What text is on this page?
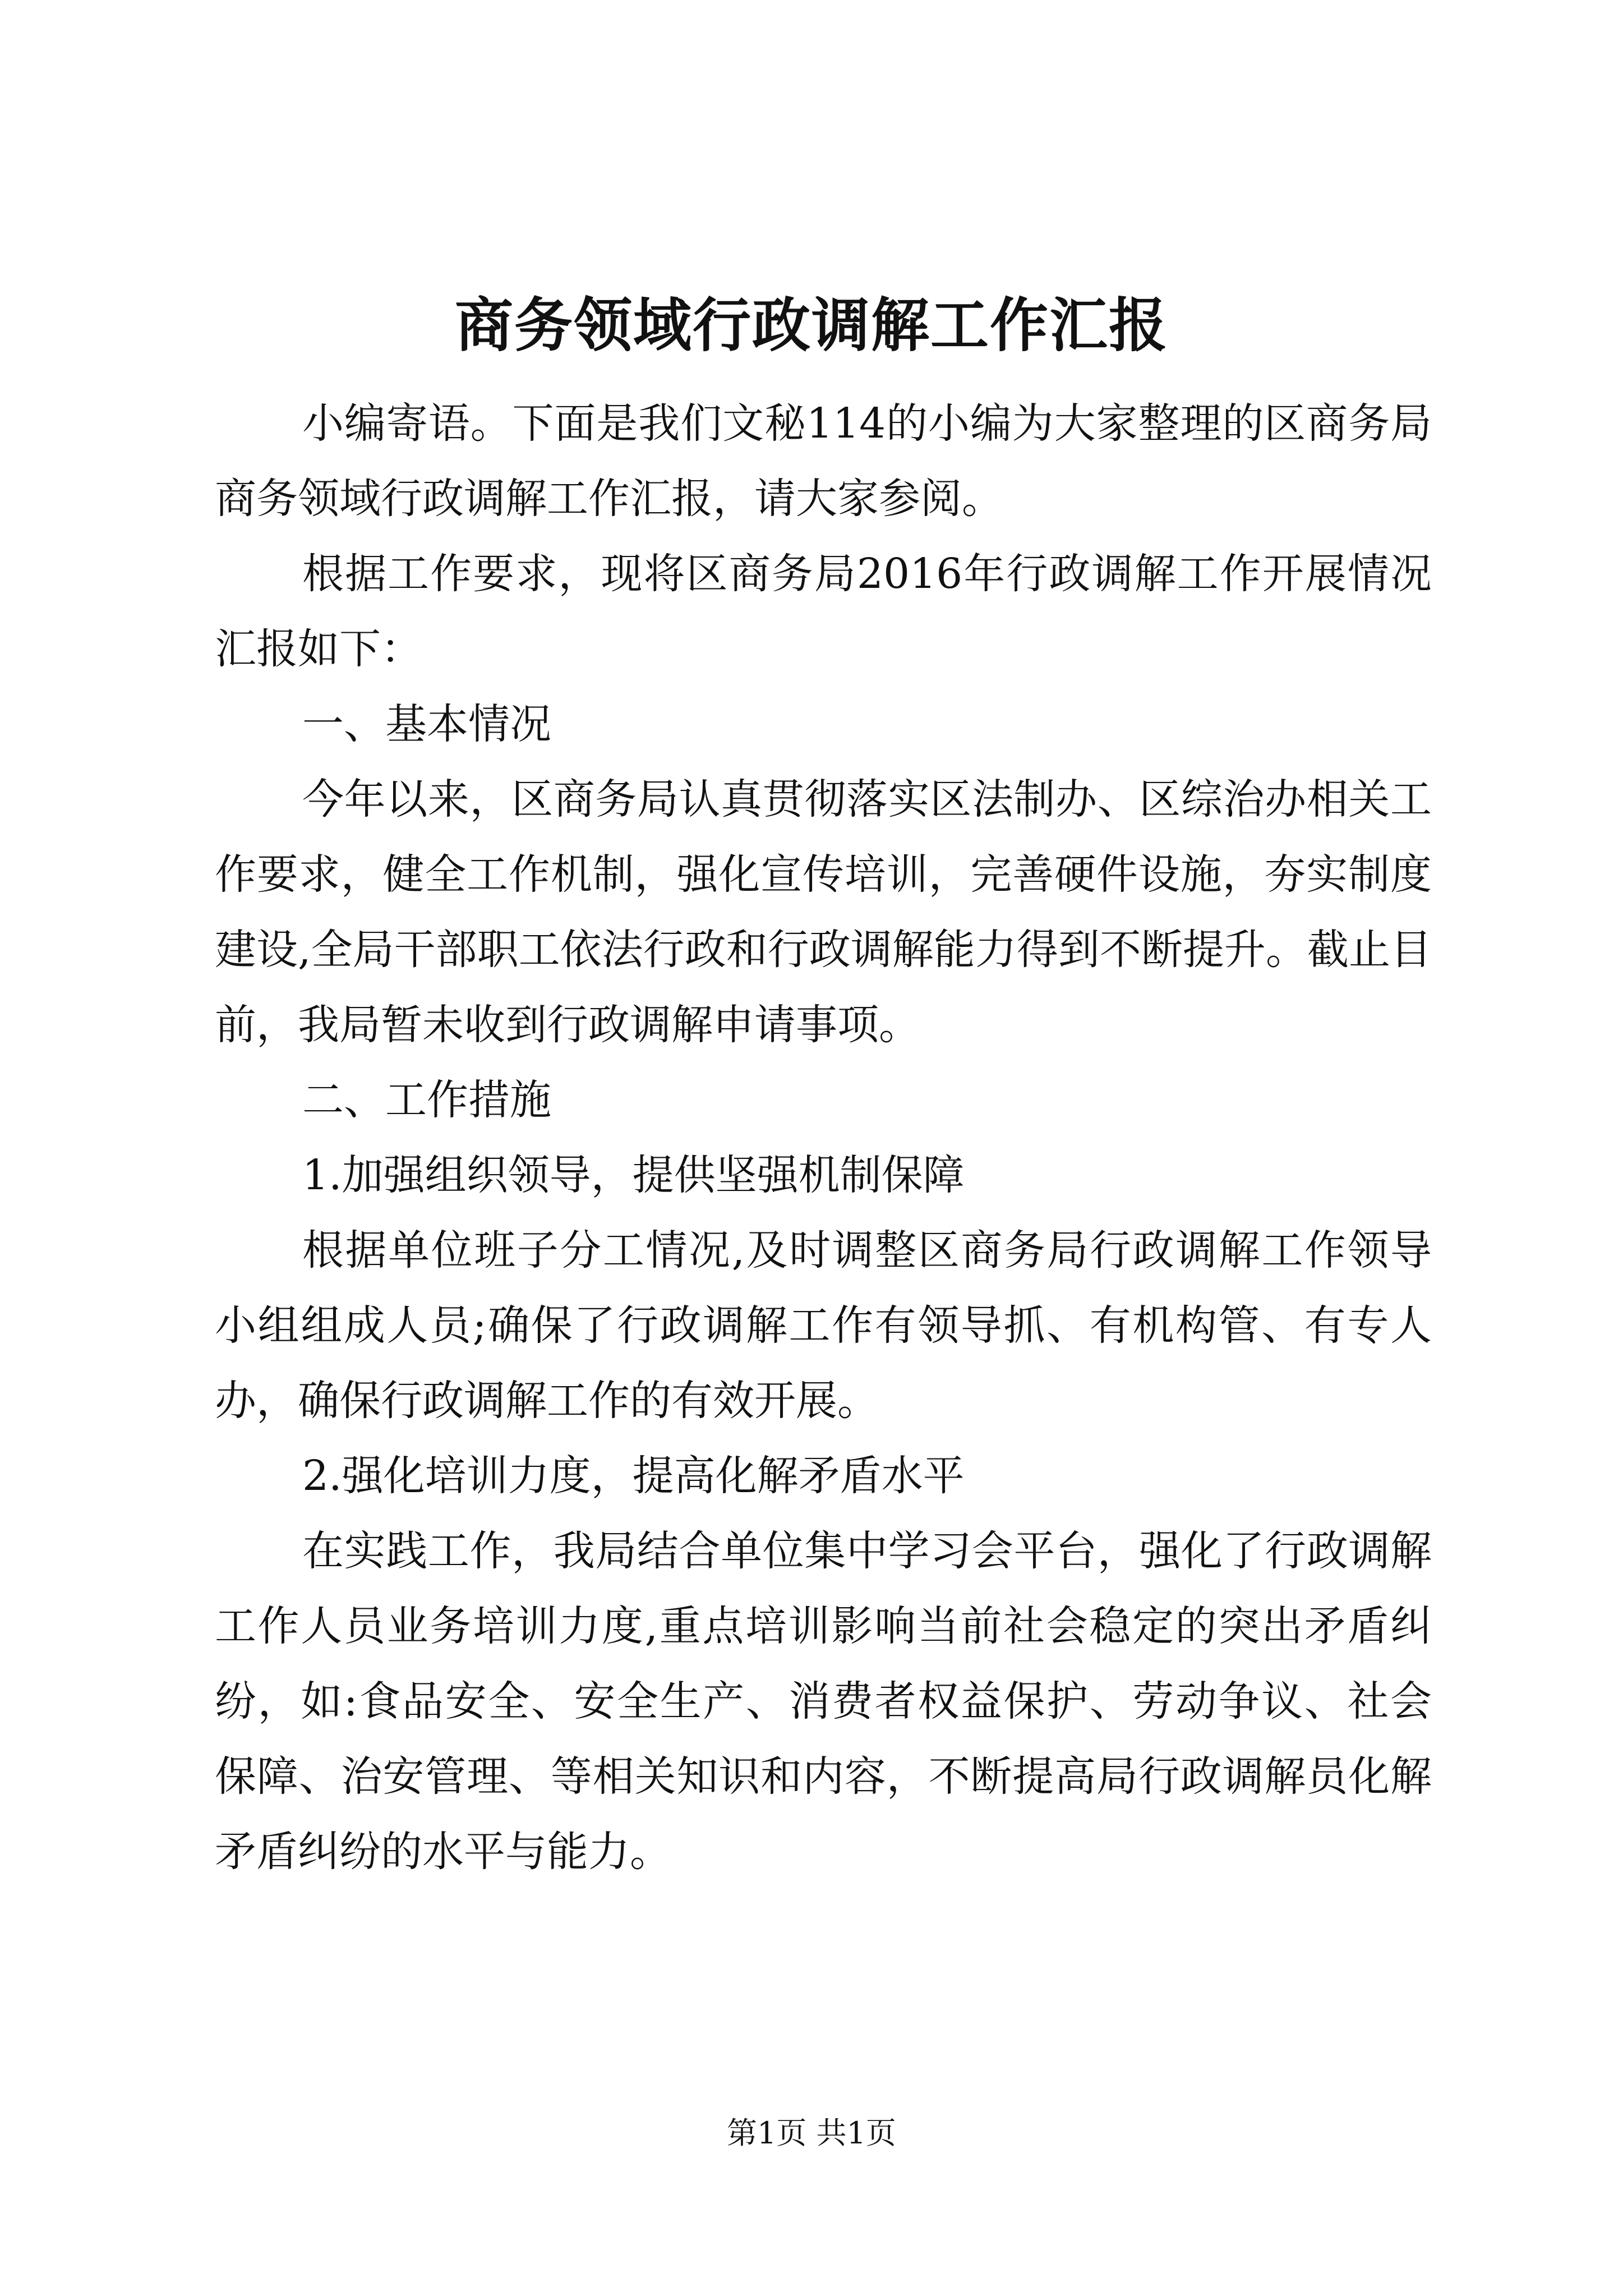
商务领域行政调解工作汇报

小编寄语。下面是我们文秘114的小编为大家整理的区商务局商务领域行政调解工作汇报，请大家参阅。

根据工作要求，现将区商务局2016年行政调解工作开展情况汇报如下：

一、基本情况

今年以来，区商务局认真贯彻落实区法制办、区综治办相关工作要求，健全工作机制，强化宣传培训，完善硬件设施，夯实制度建设,全局干部职工依法行政和行政调解能力得到不断提升。截止目前，我局暂未收到行政调解申请事项。

二、工作措施

1.加强组织领导，提供坚强机制保障

根据单位班子分工情况,及时调整区商务局行政调解工作领导小组组成人员;确保了行政调解工作有领导抓、有机构管、有专人办，确保行政调解工作的有效开展。

2.强化培训力度，提高化解矛盾水平

在实践工作，我局结合单位集中学习会平台，强化了行政调解工作人员业务培训力度,重点培训影响当前社会稳定的突出矛盾纠纷，如:食品安全、安全生产、消费者权益保护、劳动争议、社会保障、治安管理、等相关知识和内容，不断提高局行政调解员化解矛盾纠纷的水平与能力。

第1页 共1页
